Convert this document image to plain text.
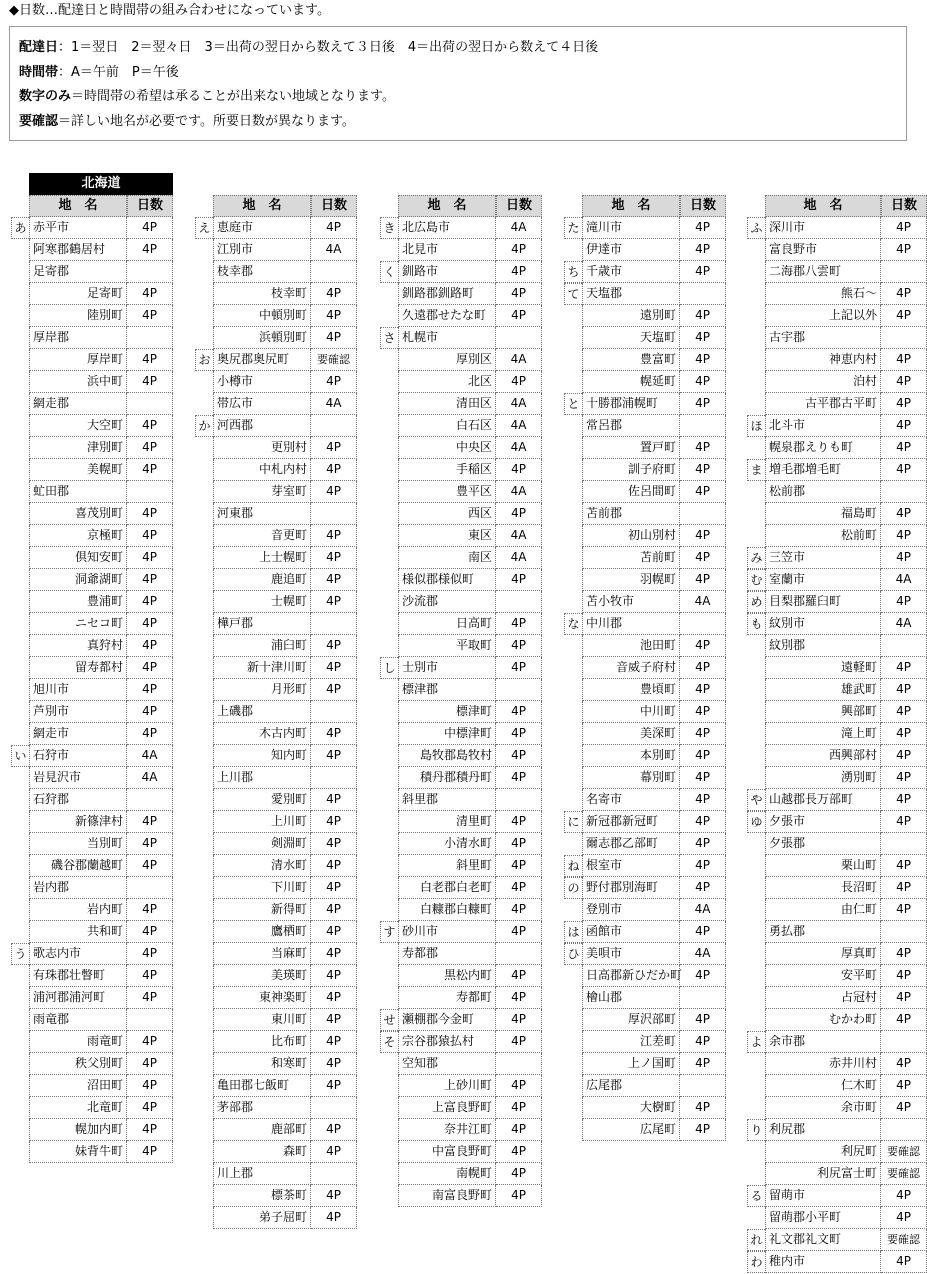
◆日数…配達日と時間帯の組み合わせになっています。
配達日：1＝翌日　2＝翌々日　3＝出荷の翌日から数えて３日後　4＝出荷の翌日から数えて４日後
時間帯：A＝午前　P＝午後
数字のみ＝時間帯の希望は承ることが出来ない地域となります。
要確認＝詳しい地名が必要です。所要日数が異なります。
北海道
地　名	日数
あ 赤平市	4P
阿寒郡鶴居村	4P
足寄郡
足寄町	4P
陸別町	4P
厚岸郡
厚岸町	4P
浜中町	4P
網走郡
大空町	4P
津別町	4P
美幌町	4P
虻田郡
喜茂別町	4P
京極町	4P
倶知安町	4P
洞爺湖町	4P
豊浦町	4P
ニセコ町	4P
真狩村	4P
留寿都村	4P
旭川市	4P
芦別市	4P
網走市	4P
い 石狩市	4A
岩見沢市	4A
石狩郡
新篠津村	4P
当別町	4P
磯谷郡蘭越町	4P
岩内郡
岩内町	4P
共和町	4P
う 歌志内市	4P
有珠郡壮瞥町	4P
浦河郡浦河町	4P
雨竜郡
雨竜町	4P
秩父別町	4P
沼田町	4P
北竜町	4P
幌加内町	4P
妹背牛町	4P
地　名	日数
え 恵庭市	4P
江別市	4A
枝幸郡
枝幸町	4P
中頓別町	4P
浜頓別町	4P
お 奥尻郡奥尻町	要確認
小樽市	4P
帯広市	4A
か 河西郡
更別村	4P
中札内村	4P
芽室町	4P
河東郡
音更町	4P
上士幌町	4P
鹿追町	4P
士幌町	4P
樺戸郡
浦臼町	4P
新十津川町	4P
月形町	4P
上磯郡
木古内町	4P
知内町	4P
上川郡
愛別町	4P
上川町	4P
剣淵町	4P
清水町	4P
下川町	4P
新得町	4P
鷹栖町	4P
当麻町	4P
美瑛町	4P
東神楽町	4P
東川町	4P
比布町	4P
和寒町	4P
亀田郡七飯町	4P
茅部郡
鹿部町	4P
森町	4P
川上郡
標茶町	4P
弟子屈町	4P
地　名	日数
き 北広島市	4A
北見市	4P
く 釧路市	4P
釧路郡釧路町	4P
久遠郡せたな町	4P
さ 札幌市
厚別区	4A
北区	4P
清田区	4A
白石区	4A
中央区	4A
手稲区	4P
豊平区	4A
西区	4P
東区	4A
南区	4A
様似郡様似町	4P
沙流郡
日高町	4P
平取町	4P
し 士別市	4P
標津郡
標津町	4P
中標津町	4P
島牧郡島牧村	4P
積丹郡積丹町	4P
斜里郡
清里町	4P
小清水町	4P
斜里町	4P
白老郡白老町	4P
白糠郡白糠町	4P
す 砂川市	4P
寿都郡
黒松内町	4P
寿都町	4P
せ 瀬棚郡今金町	4P
そ 宗谷郡猿払村	4P
空知郡
上砂川町	4P
上富良野町	4P
奈井江町	4P
中富良野町	4P
南幌町	4P
南富良野町	4P
地　名	日数
た 滝川市	4P
伊達市	4P
ち 千歳市	4P
て 天塩郡
遠別町	4P
天塩町	4P
豊富町	4P
幌延町	4P
と 十勝郡浦幌町	4P
常呂郡
置戸町	4P
訓子府町	4P
佐呂間町	4P
苫前郡
初山別村	4P
苫前町	4P
羽幌町	4P
苫小牧市	4A
な 中川郡
池田町	4P
音威子府村	4P
豊頃町	4P
中川町	4P
美深町	4P
本別町	4P
幕別町	4P
名寄市	4P
に 新冠郡新冠町	4P
爾志郡乙部町	4P
ね 根室市	4P
の 野付郡別海町	4P
登別市	4A
は 函館市	4P
ひ 美唄市	4A
日高郡新ひだか町	4P
檜山郡
厚沢部町	4P
江差町	4P
上ノ国町	4P
広尾郡
大樹町	4P
広尾町	4P
地　名	日数
ふ 深川市	4P
富良野市	4P
二海郡八雲町
熊石～	4P
上記以外	4P
古宇郡
神恵内村	4P
泊村	4P
古平郡古平町	4P
ほ 北斗市	4P
幌泉郡えりも町	4P
ま 増毛郡増毛町	4P
松前郡
福島町	4P
松前町	4P
み 三笠市	4P
む 室蘭市	4A
め 目梨郡羅臼町	4P
も 紋別市	4A
紋別郡
遠軽町	4P
雄武町	4P
興部町	4P
滝上町	4P
西興部村	4P
湧別町	4P
や 山越郡長万部町	4P
ゆ 夕張市	4P
夕張郡
栗山町	4P
長沼町	4P
由仁町	4P
勇払郡
厚真町	4P
安平町	4P
占冠村	4P
むかわ町	4P
よ 余市郡
赤井川村	4P
仁木町	4P
余市町	4P
り 利尻郡
利尻町 要確認
利尻富士町 要確認
る 留萌市	4P
留萌郡小平町	4P
れ 礼文郡礼文町	要確認
わ 稚内市	4P
